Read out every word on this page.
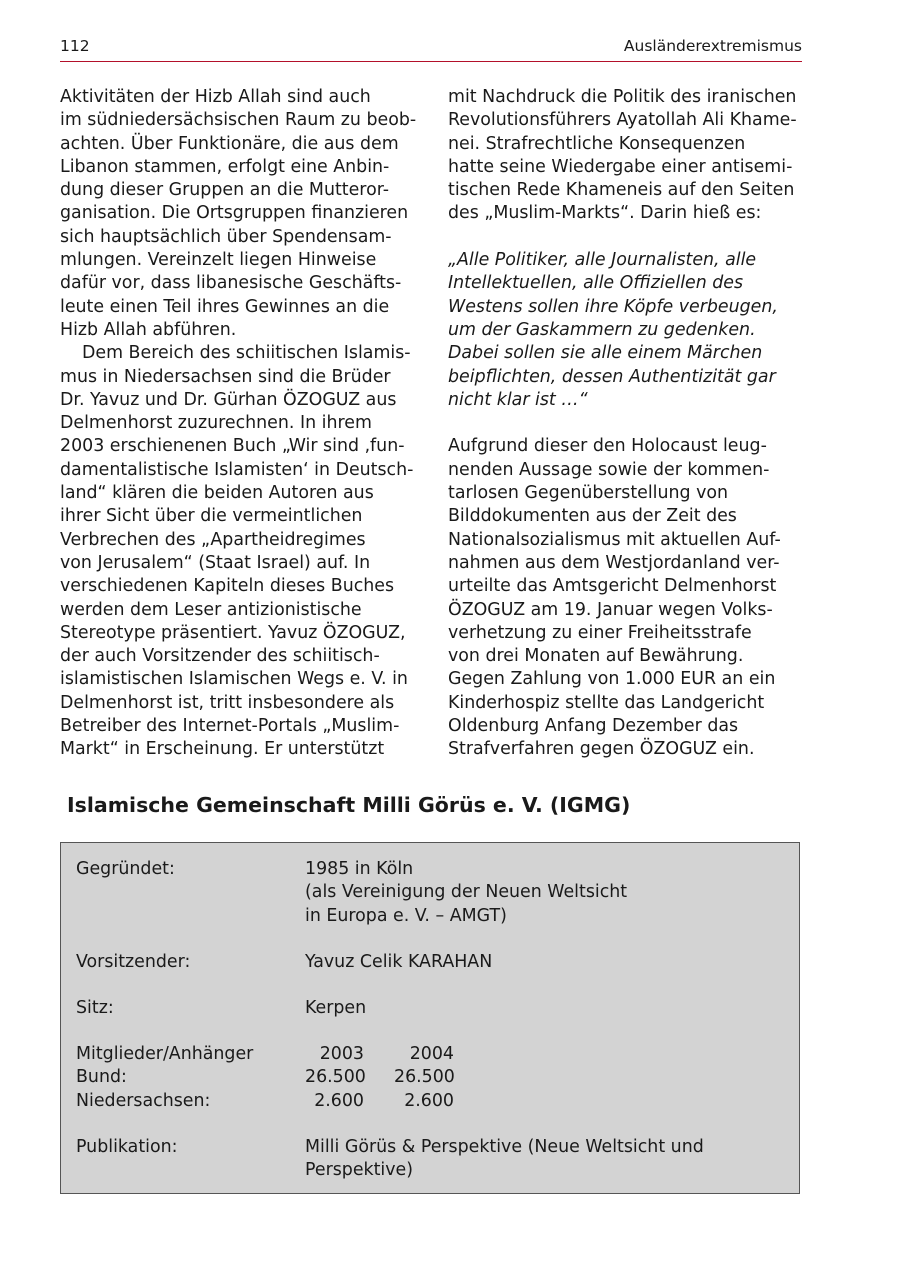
112	Ausländerextremismus
Aktivitäten der Hizb Allah sind auch
im südniedersächsischen Raum zu beob-
achten. Über Funktionäre, die aus dem
Libanon stammen, erfolgt eine Anbin-
dung dieser Gruppen an die Mutteror-
ganisation. Die Ortsgruppen finanzieren
sich hauptsächlich über Spendensam-
mlungen. Vereinzelt liegen Hinweise
dafür vor, dass libanesische Geschäfts-
leute einen Teil ihres Gewinnes an die
Hizb Allah abführen.
Dem Bereich des schiitischen Islamis-
mus in Niedersachsen sind die Brüder
Dr. Yavuz und Dr. Gürhan ÖZOGUZ aus
Delmenhorst zuzurechnen. In ihrem
2003 erschienenen Buch „Wir sind ‚fun-
damentalistische Islamisten‘ in Deutsch-
land“ klären die beiden Autoren aus
ihrer Sicht über die vermeintlichen
Verbrechen des „Apartheidregimes
von Jerusalem“ (Staat Israel) auf. In
verschiedenen Kapiteln dieses Buches
werden dem Leser antizionistische
Stereotype präsentiert. Yavuz ÖZOGUZ,
der auch Vorsitzender des schiitisch-
islamistischen Islamischen Wegs e. V. in
Delmenhorst ist, tritt insbesondere als
Betreiber des Internet-Portals „Muslim-
Markt“ in Erscheinung. Er unterstützt
mit Nachdruck die Politik des iranischen
Revolutionsführers Ayatollah Ali Khame-
nei. Strafrechtliche Konsequenzen
hatte seine Wiedergabe einer antisemi-
tischen Rede Khameneis auf den Seiten
des „Muslim-Markts“. Darin hieß es:
„Alle Politiker, alle Journalisten, alle
Intellektuellen, alle Offiziellen des
Westens sollen ihre Köpfe verbeugen,
um der Gaskammern zu gedenken.
Dabei sollen sie alle einem Märchen
beipflichten, dessen Authentizität gar
nicht klar ist …“
Aufgrund dieser den Holocaust leug-
nenden Aussage sowie der kommen-
tarlosen Gegenüberstellung von
Bilddokumenten aus der Zeit des
Nationalsozialismus mit aktuellen Auf-
nahmen aus dem Westjordanland ver-
urteilte das Amtsgericht Delmenhorst
ÖZOGUZ am 19. Januar wegen Volks-
verhetzung zu einer Freiheitsstrafe
von drei Monaten auf Bewährung.
Gegen Zahlung von 1.000 EUR an ein
Kinderhospiz stellte das Landgericht
Oldenburg Anfang Dezember das
Strafverfahren gegen ÖZOGUZ ein.
Islamische Gemeinschaft Milli Görüs e. V. (IGMG)
Gegründet:	1985 in Köln
(als Vereinigung der Neuen Weltsicht
in Europa e. V. – AMGT)
Vorsitzender:	Yavuz Celik KARAHAN
Sitz:	Kerpen
Mitglieder/Anhänger	2003	2004
Bund:	26.500 26.500
Niedersachsen:	2.600	2.600
Publikation:	Milli Görüs & Perspektive (Neue Weltsicht und
Perspektive)
